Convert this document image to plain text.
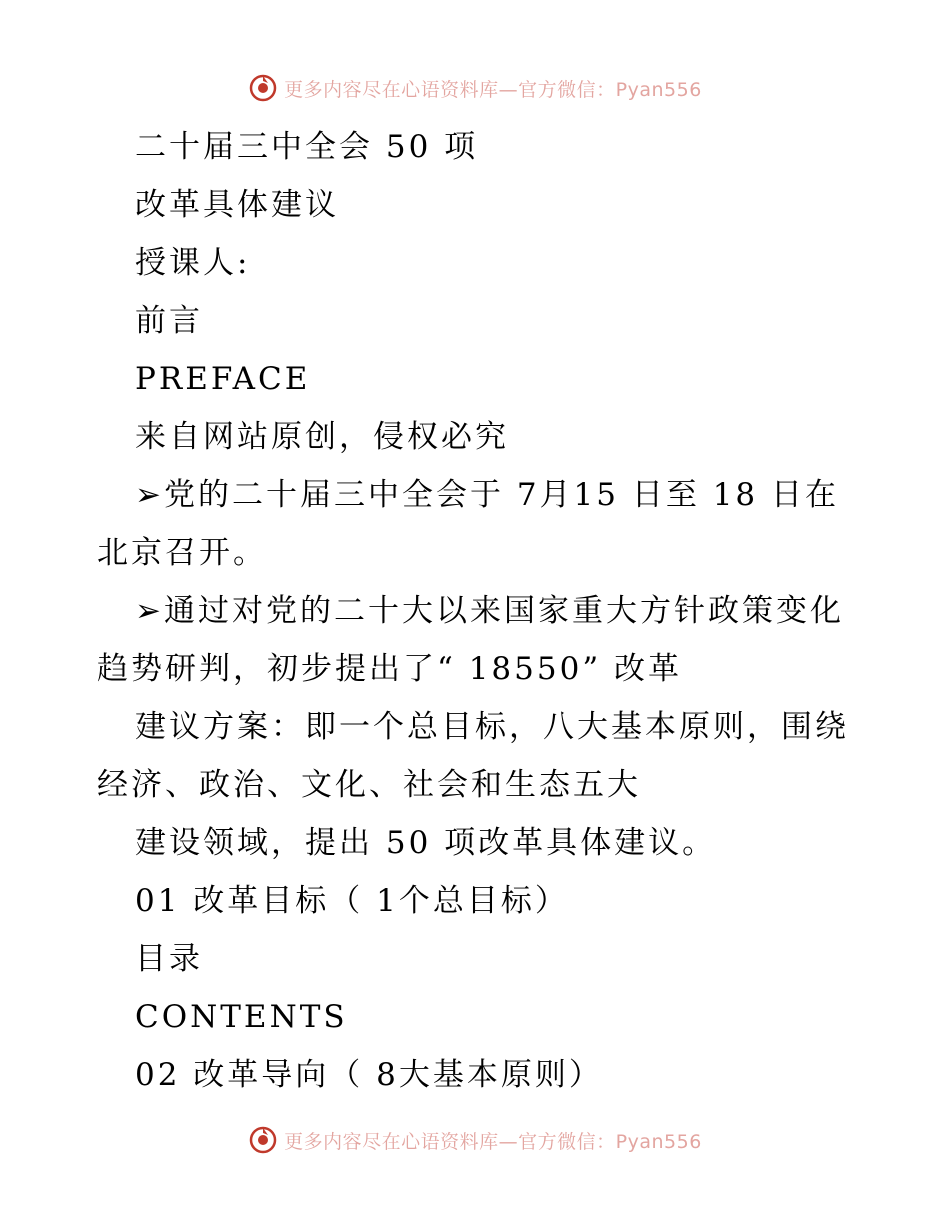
更多内容尽在心语资料库—官方微信：Pyan556
二十届三中全会 50 项
改革具体建议
授课人:
前言
PREFACE
来自网站原创，侵权必究
➢党的二十届三中全会于 7月15 日至 18 日在
北京召开。
➢通过对党的二十大以来国家重大方针政策变化
趋势研判，初步提出了“ 18550” 改革
建议方案：即一个总目标，八大基本原则，围绕
经济、政治、文化、社会和生态五大
建设领域，提出 50 项改革具体建议。
01 改革目标（ 1个总目标）
目录
CONTENTS
02 改革导向（ 8大基本原则）
更多内容尽在心语资料库—官方微信：Pyan556
